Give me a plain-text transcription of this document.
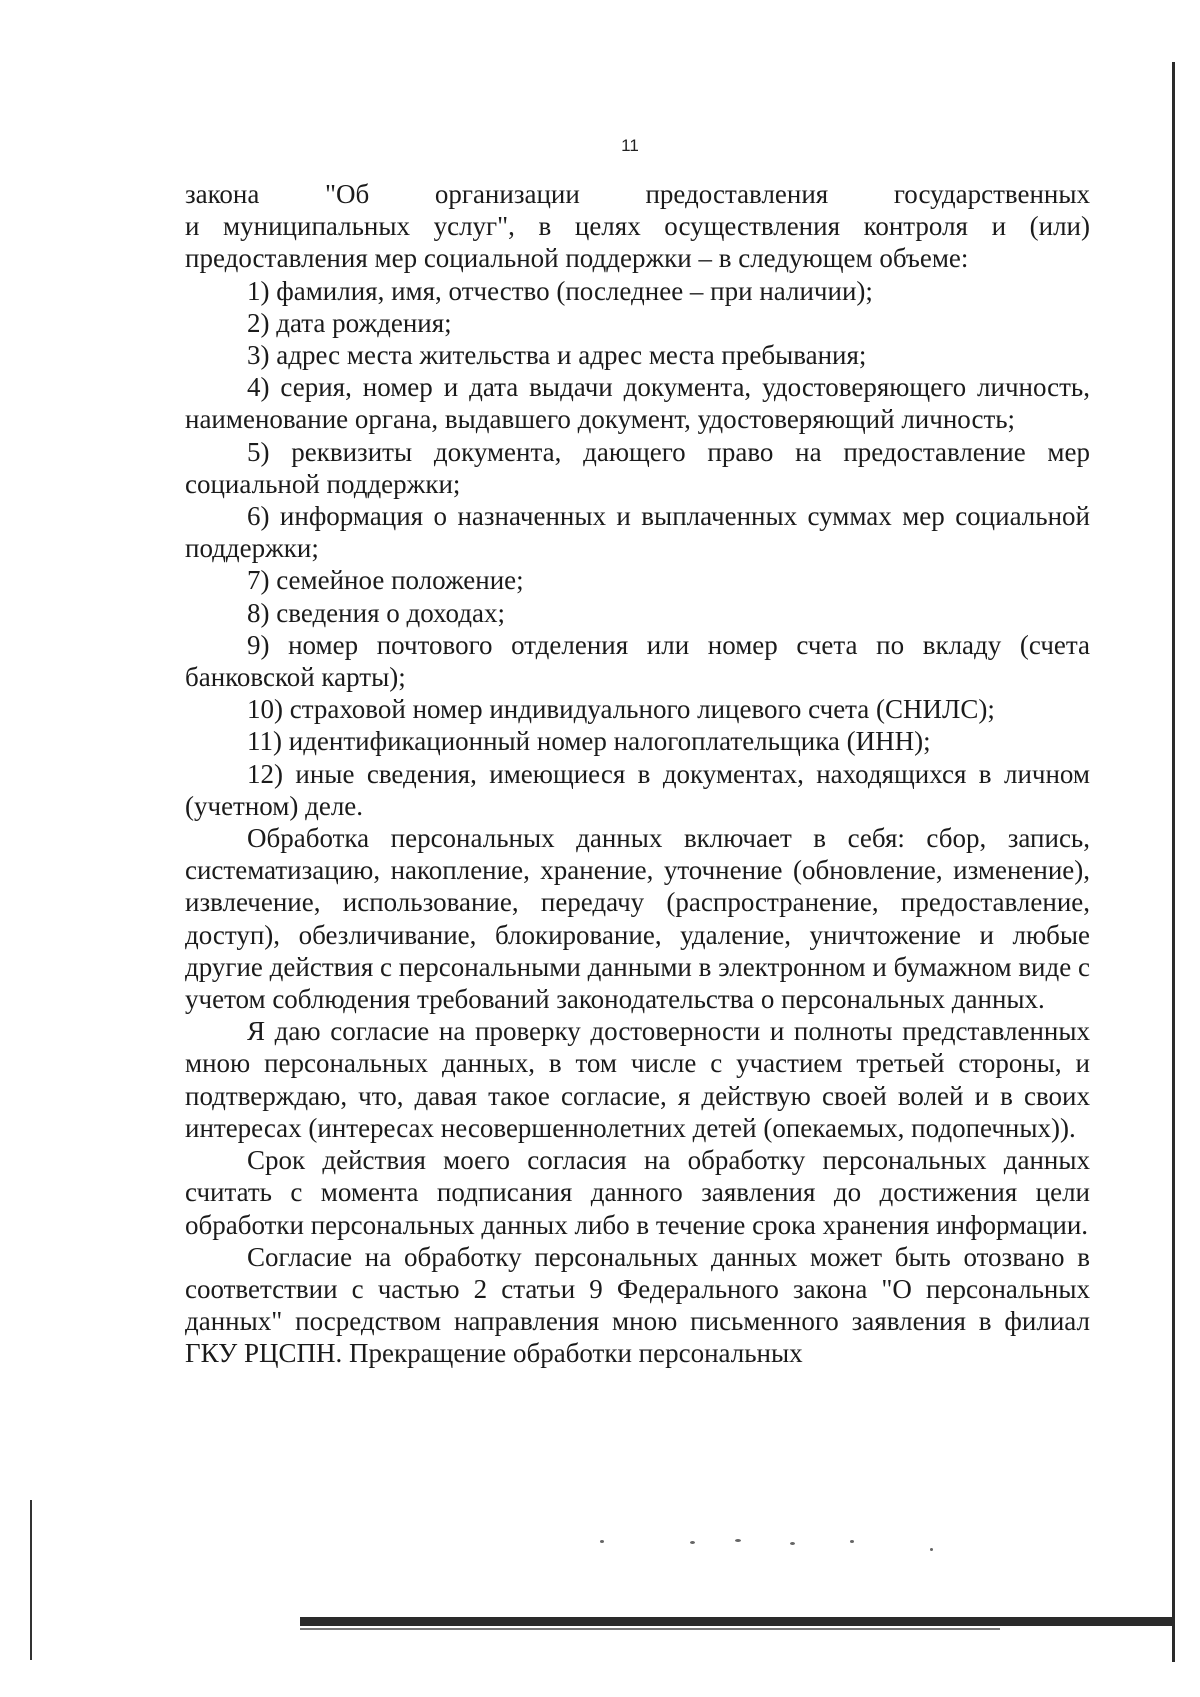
11

закона "Об организации предоставления государственных
и муниципальных услуг", в целях осуществления контроля и (или) предоставления мер социальной поддержки – в следующем объеме:

1) фамилия, имя, отчество (последнее – при наличии);

2) дата рождения;

3) адрес места жительства и адрес места пребывания;

4) серия, номер и дата выдачи документа, удостоверяющего личность, наименование органа, выдавшего документ, удостоверяющий личность;

5) реквизиты документа, дающего право на предоставление мер социальной поддержки;

6) информация о назначенных и выплаченных суммах мер социальной поддержки;

7) семейное положение;

8) сведения о доходах;

9) номер почтового отделения или номер счета по вкладу (счета банковской карты);

10) страховой номер индивидуального лицевого счета (СНИЛС);

11) идентификационный номер налогоплательщика (ИНН);

12) иные сведения, имеющиеся в документах, находящихся в личном (учетном) деле.

Обработка персональных данных включает в себя: сбор, запись, систематизацию, накопление, хранение, уточнение (обновление, изменение), извлечение, использование, передачу (распространение, предоставление, доступ), обезличивание, блокирование, удаление, уничтожение и любые другие действия с персональными данными в электронном и бумажном виде с учетом соблюдения требований законодательства о персональных данных.

Я даю согласие на проверку достоверности и полноты представленных мною персональных данных, в том числе с участием третьей стороны, и подтверждаю, что, давая такое согласие, я действую своей волей и в своих интересах (интересах несовершеннолетних детей (опекаемых, подопечных)).

Срок действия моего согласия на обработку персональных данных считать с момента подписания данного заявления до достижения цели обработки персональных данных либо в течение срока хранения информации.

Согласие на обработку персональных данных может быть отозвано в соответствии с частью 2 статьи 9 Федерального закона "О персональных данных" посредством направления мною письменного заявления в филиал ГКУ РЦСПН. Прекращение обработки персональных
